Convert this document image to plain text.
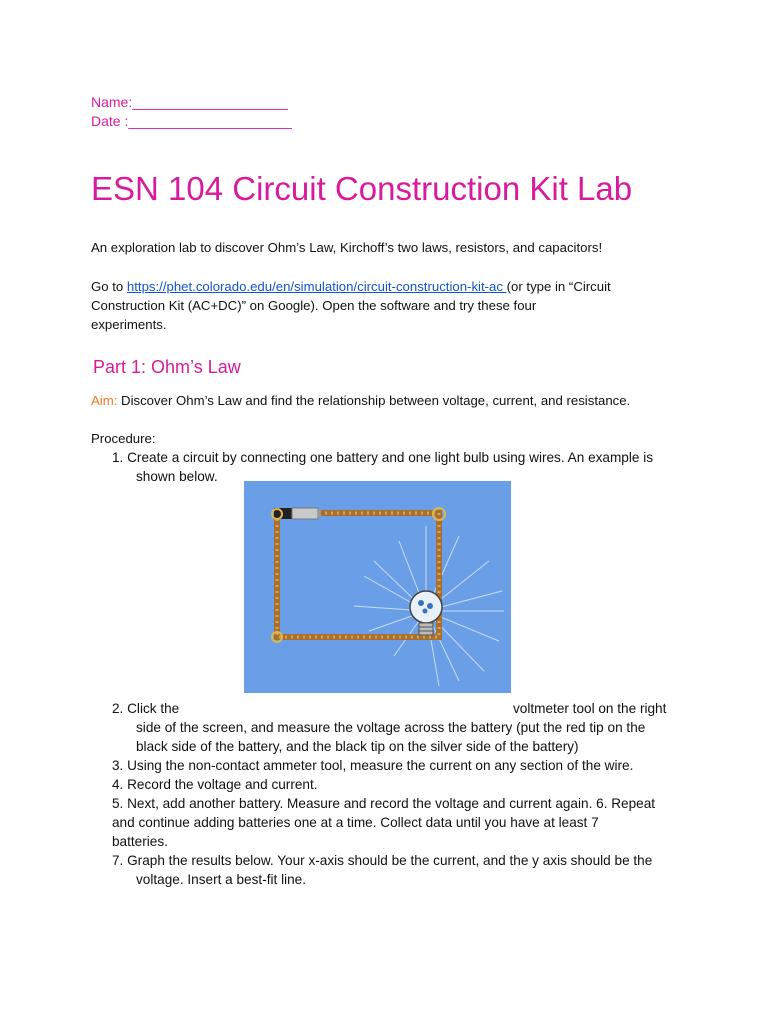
Name:____________________
Date :_____________________
ESN 104 Circuit Construction Kit Lab
An exploration lab to discover Ohm’s Law, Kirchoff’s two laws, resistors, and capacitors!
Go to https://phet.colorado.edu/en/simulation/circuit-construction-kit-ac (or type in “Circuit
Construction Kit (AC+DC)” on Google). Open the software and try these four
experiments.
Part 1: Ohm’s Law
Aim: Discover Ohm’s Law and find the relationship between voltage, current, and resistance.
Procedure:

1. Create a circuit by connecting one battery and one light bulb using wires. An example is

shown below.

2. Click the	voltmeter tool on the right

side of the screen, and measure the voltage across the battery (put the red tip on the

black side of the battery, and the black tip on the silver side of the battery)

3. Using the non-contact ammeter tool, measure the current on any section of the wire.

4. Record the voltage and current.

5. Next, add another battery. Measure and record the voltage and current again. 6. Repeat

and continue adding batteries one at a time. Collect data until you have at least 7

batteries.

7. Graph the results below. Your x-axis should be the current, and the y axis should be the

voltage. Insert a best-fit line.
